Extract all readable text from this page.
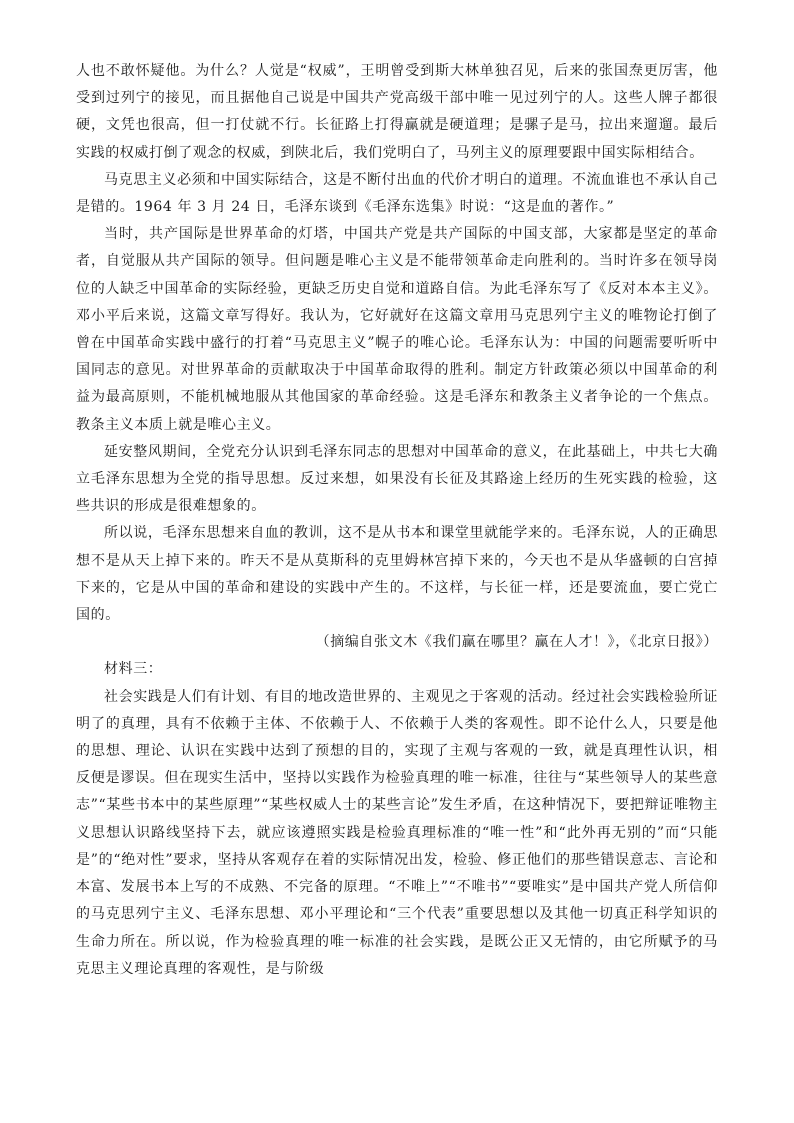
人也不敢怀疑他。为什么？人觉是“权威”，王明曾受到斯大林单独召见，后来的张国焘更厉害，他受到过列宁的接见，而且据他自己说是中国共产党高级干部中唯一见过列宁的人。这些人牌子都很硬，文凭也很高，但一打仗就不行。长征路上打得赢就是硬道理；是骡子是马，拉出来遛遛。最后实践的权威打倒了观念的权威，到陕北后，我们党明白了，马列主义的原理要跟中国实际相结合。

马克思主义必须和中国实际结合，这是不断付出血的代价才明白的道理。不流血谁也不承认自己是错的。1964 年 3 月 24 日，毛泽东谈到《毛泽东选集》时说：“这是血的著作。”

当时，共产国际是世界革命的灯塔，中国共产党是共产国际的中国支部，大家都是坚定的革命者，自觉服从共产国际的领导。但问题是唯心主义是不能带领革命走向胜利的。当时许多在领导岗位的人缺乏中国革命的实际经验，更缺乏历史自觉和道路自信。为此毛泽东写了《反对本本主义》。邓小平后来说，这篇文章写得好。我认为，它好就好在这篇文章用马克思列宁主义的唯物论打倒了曾在中国革命实践中盛行的打着“马克思主义”幌子的唯心论。毛泽东认为：中国的问题需要听听中国同志的意见。对世界革命的贡献取决于中国革命取得的胜利。制定方针政策必须以中国革命的利益为最高原则，不能机械地服从其他国家的革命经验。这是毛泽东和教条主义者争论的一个焦点。教条主义本质上就是唯心主义。

延安整风期间，全党充分认识到毛泽东同志的思想对中国革命的意义，在此基础上，中共七大确立毛泽东思想为全党的指导思想。反过来想，如果没有长征及其路途上经历的生死实践的检验，这些共识的形成是很难想象的。

所以说，毛泽东思想来自血的教训，这不是从书本和课堂里就能学来的。毛泽东说，人的正确思想不是从天上掉下来的。昨天不是从莫斯科的克里姆林宫掉下来的，今天也不是从华盛顿的白宫掉下来的，它是从中国的革命和建设的实践中产生的。不这样，与长征一样，还是要流血，要亡党亡国的。

（摘编自张文木《我们赢在哪里？赢在人才！》，《北京日报》）

材料三：

社会实践是人们有计划、有目的地改造世界的、主观见之于客观的活动。经过社会实践检验所证明了的真理，具有不依赖于主体、不依赖于人、不依赖于人类的客观性。即不论什么人，只要是他的思想、理论、认识在实践中达到了预想的目的，实现了主观与客观的一致，就是真理性认识，相反便是谬误。但在现实生活中，坚持以实践作为检验真理的唯一标准，往往与“某些领导人的某些意志”“某些书本中的某些原理”“某些权威人士的某些言论”发生矛盾，在这种情况下，要把辩证唯物主义思想认识路线坚持下去，就应该遵照实践是检验真理标准的“唯一性”和“此外再无别的”而“只能是”的“绝对性”要求，坚持从客观存在着的实际情况出发，检验、修正他们的那些错误意志、言论和本富、发展书本上写的不成熟、不完备的原理。“不唯上”“不唯书”“要唯实”是中国共产党人所信仰的马克思列宁主义、毛泽东思想、邓小平理论和“三个代表”重要思想以及其他一切真正科学知识的生命力所在。所以说，作为检验真理的唯一标准的社会实践，是既公正又无情的，由它所赋予的马克思主义理论真理的客观性，是与阶级
